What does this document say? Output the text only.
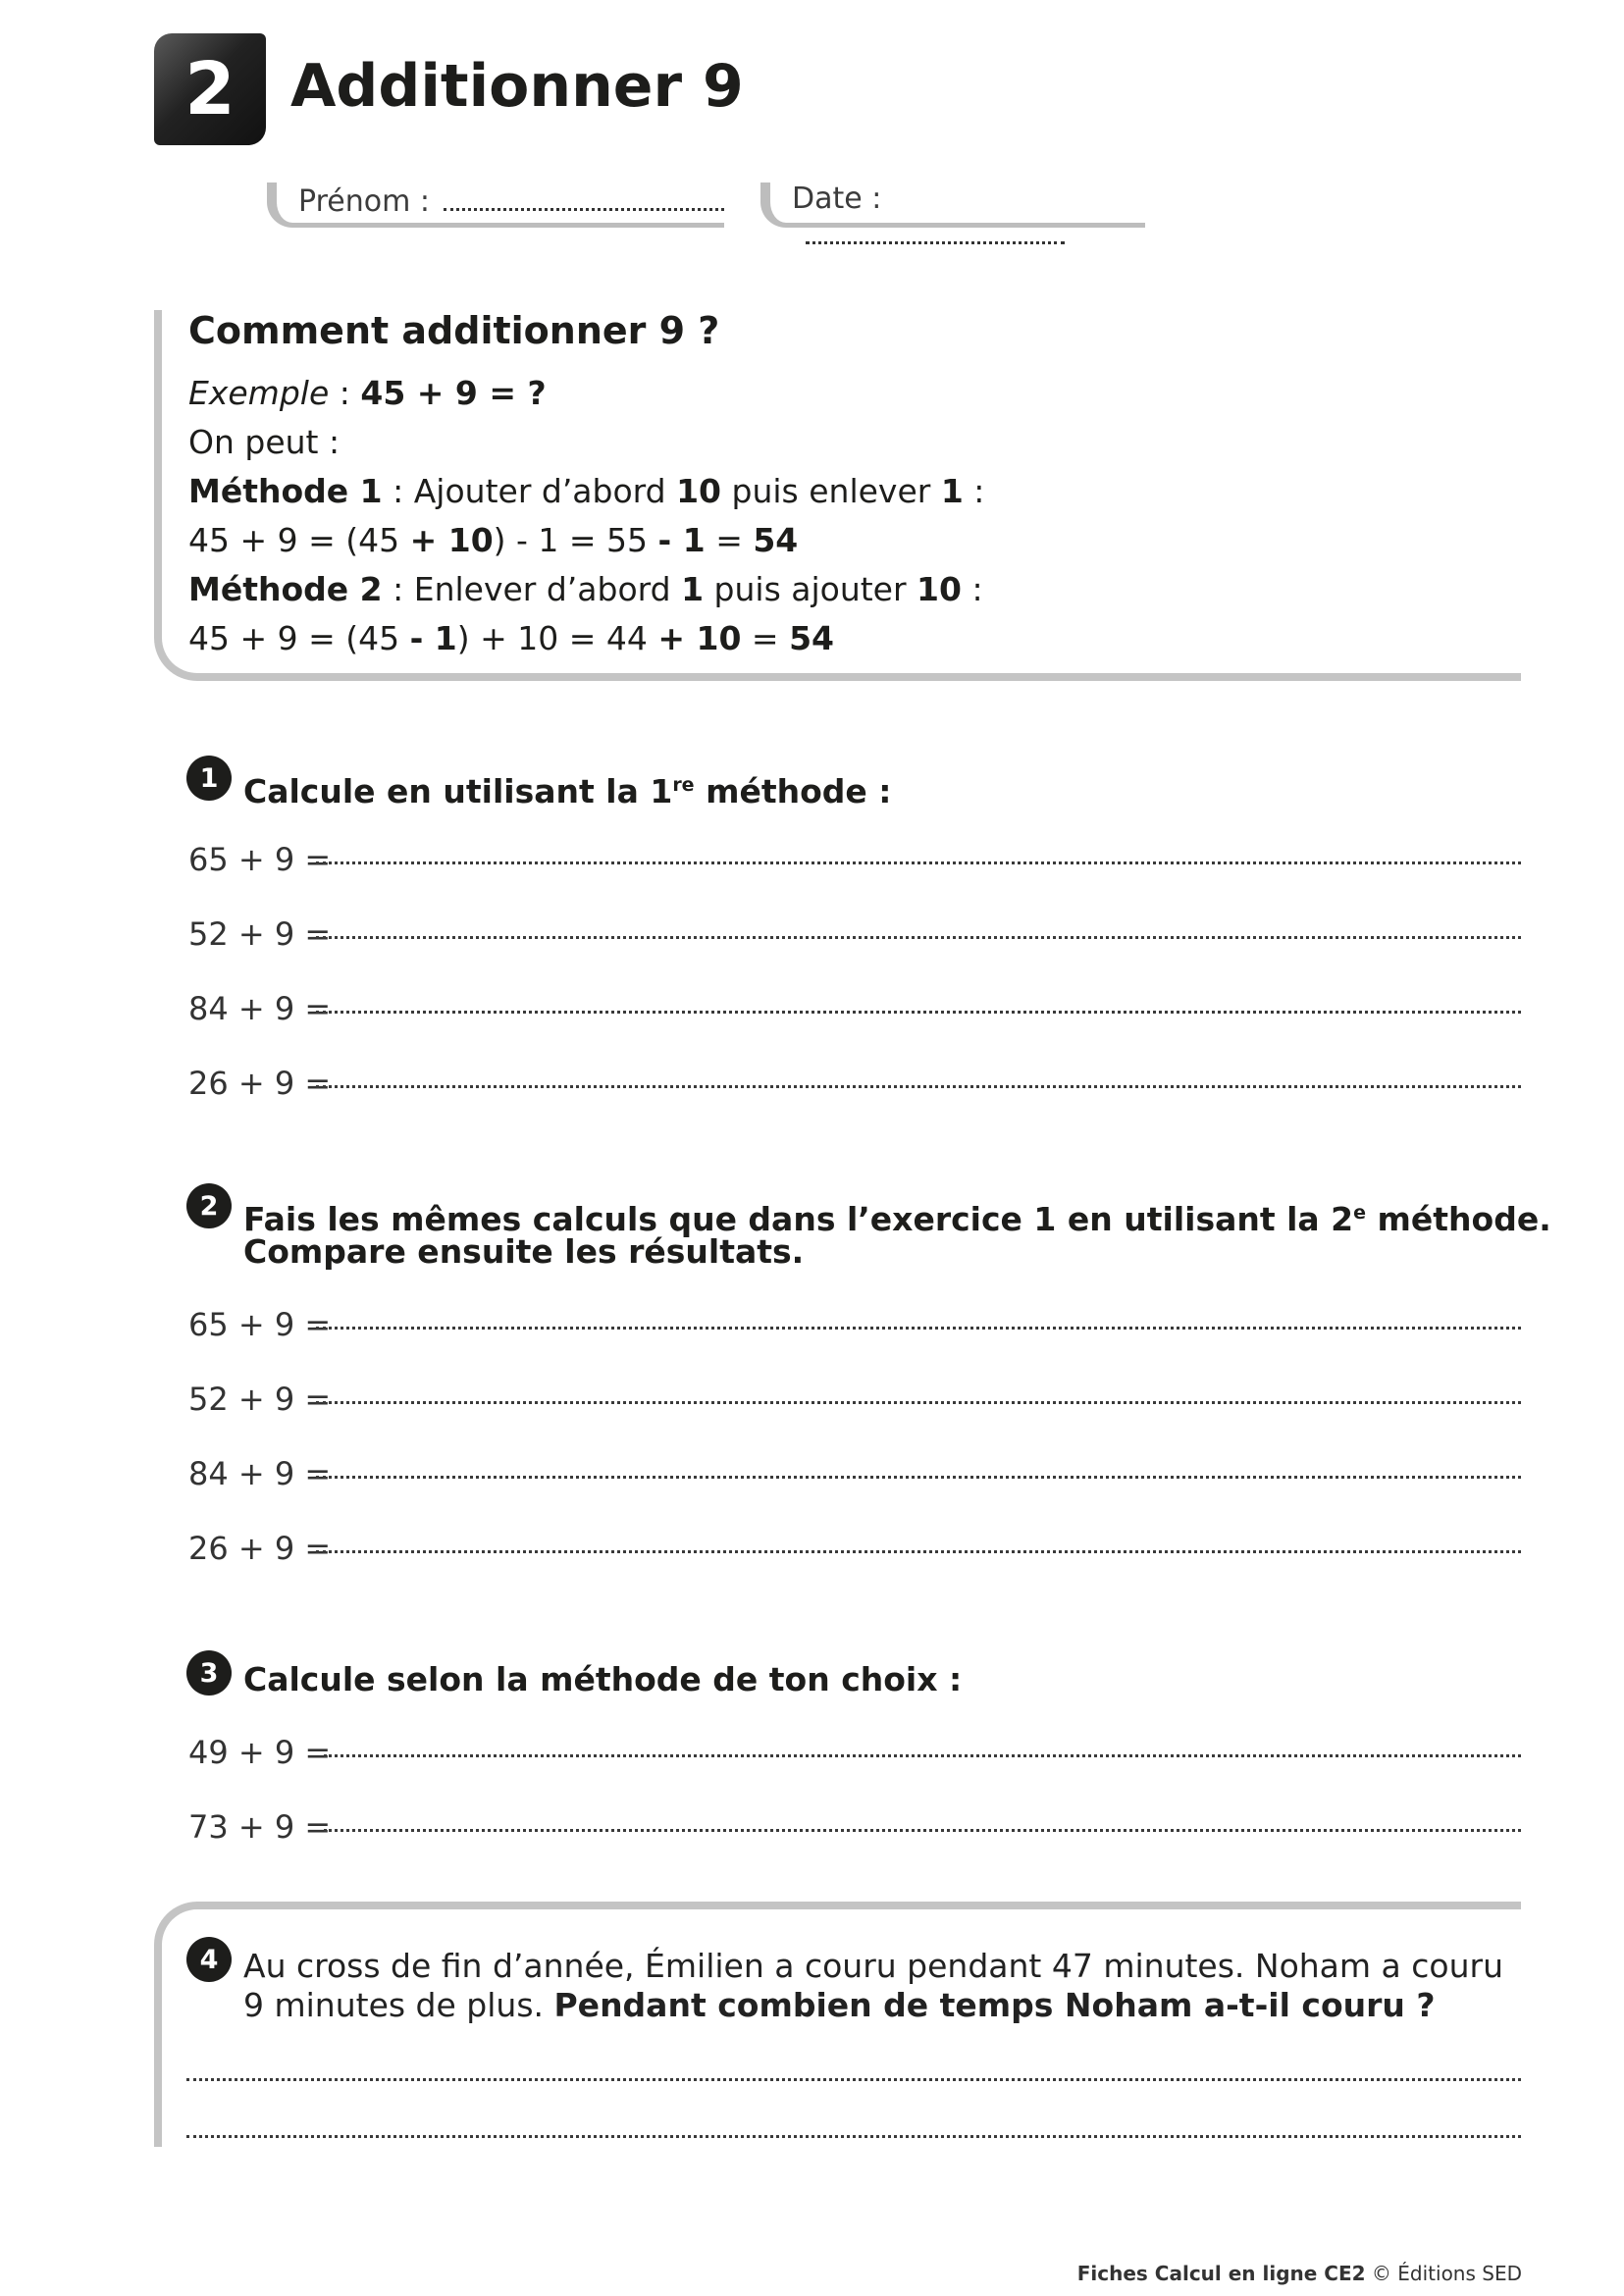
2 Additionner 9
Prénom :	Date :
Comment additionner 9 ?
Exemple : 45 + 9 = ?
On peut :
Méthode 1 : Ajouter d’abord 10 puis enlever 1 :
45 + 9 = (45 + 10) - 1 = 55 - 1 = 54
Méthode 2 : Enlever d’abord 1 puis ajouter 10 :
45 + 9 = (45 - 1) + 10 = 44 + 10 = 54
1 Calcule en utilisant la 1re méthode :
65 + 9 =
52 + 9 =
84 + 9 =
26 + 9 =
2 Fais les mêmes calculs que dans l’exercice 1 en utilisant la 2e méthode.
Compare ensuite les résultats.
65 + 9 =
52 + 9 =
84 + 9 =
26 + 9 =
3 Calcule selon la méthode de ton choix :
49 + 9 =
73 + 9 =
4 Au cross de fin d’année, Émilien a couru pendant 47 minutes. Noham a couru
9 minutes de plus. Pendant combien de temps Noham a-t-il couru ?
Fiches Calcul en ligne CE2 © Éditions SED
